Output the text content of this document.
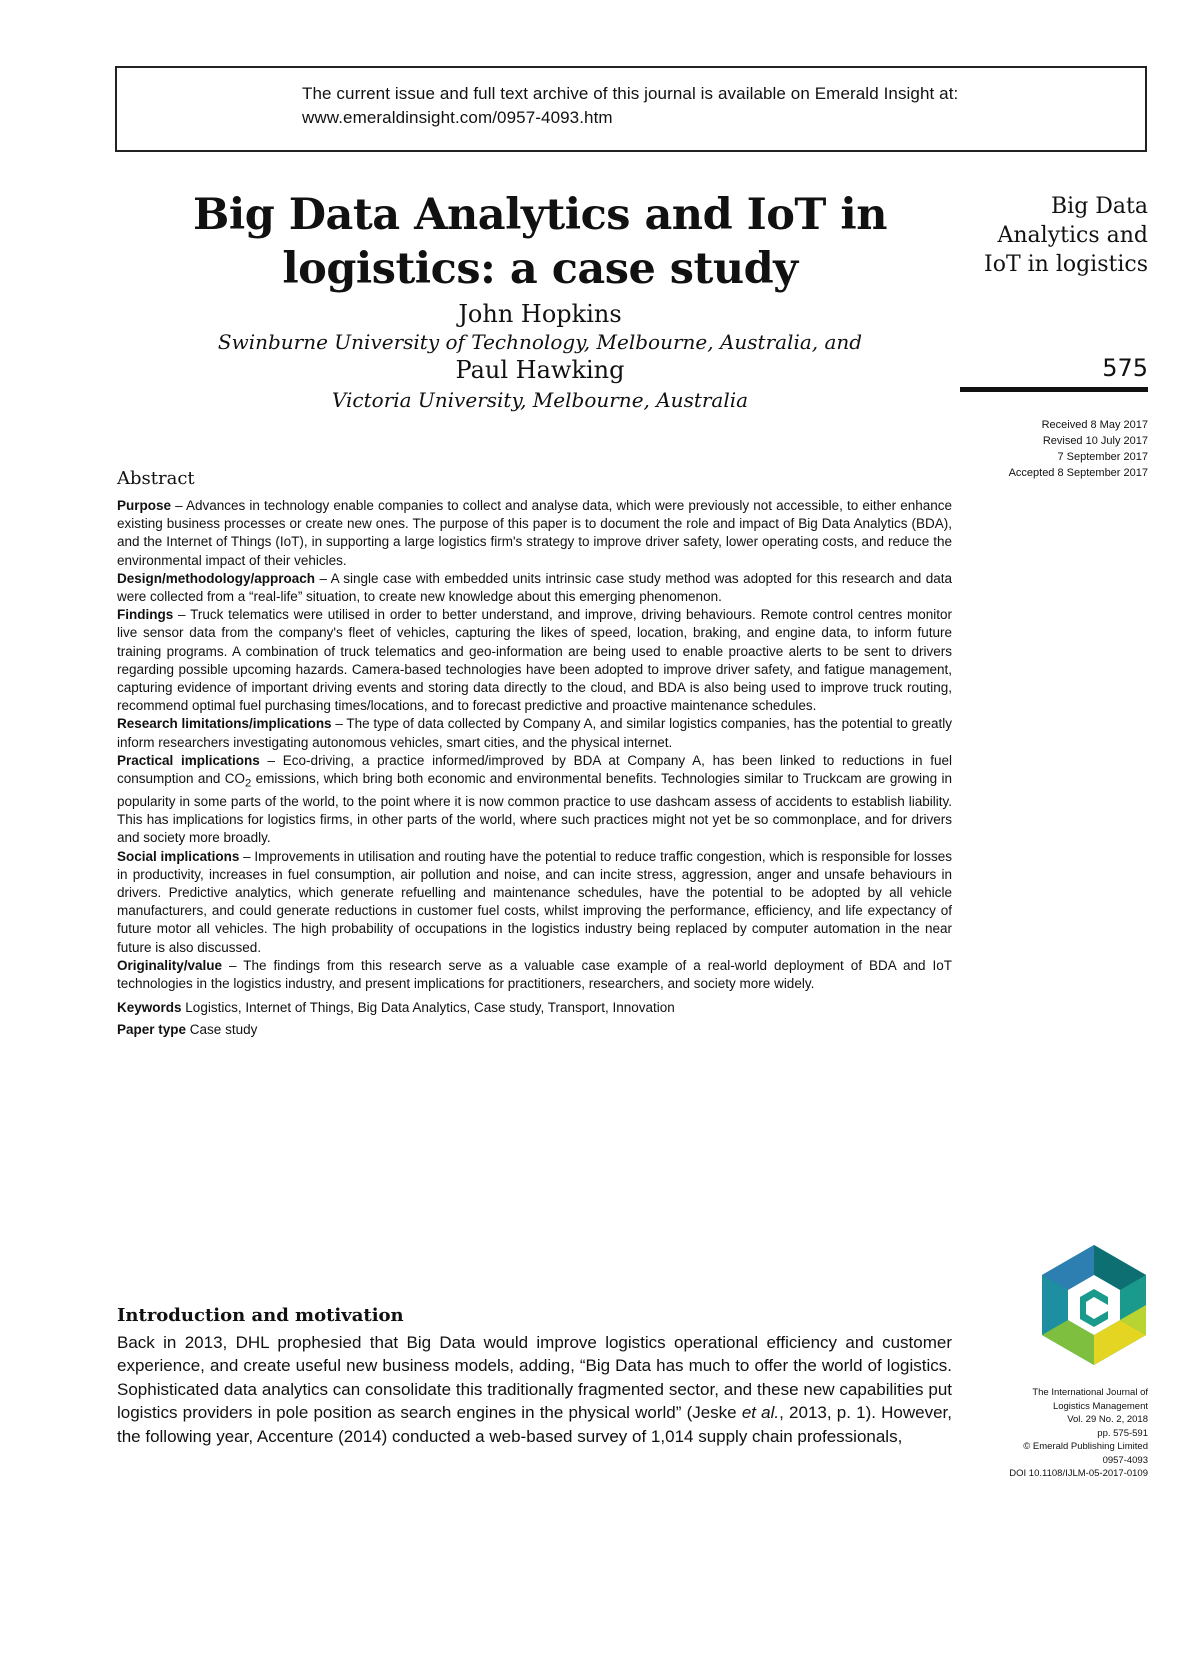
The current issue and full text archive of this journal is available on Emerald Insight at:
www.emeraldinsight.com/0957-4093.htm
Big Data Analytics and IoT in
logistics: a case study
John Hopkins
Swinburne University of Technology, Melbourne, Australia, and
Paul Hawking
Victoria University, Melbourne, Australia
Big Data
Analytics and
IoT in logistics
575
Received 8 May 2017
Revised 10 July 2017
7 September 2017
Accepted 8 September 2017
Abstract

Purpose – Advances in technology enable companies to collect and analyse data, which were previously not accessible, to either enhance existing business processes or create new ones. The purpose of this paper is to document the role and impact of Big Data Analytics (BDA), and the Internet of Things (IoT), in supporting a large logistics firm's strategy to improve driver safety, lower operating costs, and reduce the environmental impact of their vehicles.

Design/methodology/approach – A single case with embedded units intrinsic case study method was adopted for this research and data were collected from a “real-life” situation, to create new knowledge about this emerging phenomenon.

Findings – Truck telematics were utilised in order to better understand, and improve, driving behaviours. Remote control centres monitor live sensor data from the company's fleet of vehicles, capturing the likes of speed, location, braking, and engine data, to inform future training programs. A combination of truck telematics and geo-information are being used to enable proactive alerts to be sent to drivers regarding possible upcoming hazards. Camera-based technologies have been adopted to improve driver safety, and fatigue management, capturing evidence of important driving events and storing data directly to the cloud, and BDA is also being used to improve truck routing, recommend optimal fuel purchasing times/locations, and to forecast predictive and proactive maintenance schedules.

Research limitations/implications – The type of data collected by Company A, and similar logistics companies, has the potential to greatly inform researchers investigating autonomous vehicles, smart cities, and the physical internet.

Practical implications – Eco-driving, a practice informed/improved by BDA at Company A, has been linked to reductions in fuel consumption and $CO_2$ emissions, which bring both economic and environmental benefits. Technologies similar to Truckcam are growing in popularity in some parts of the world, to the point where it is now common practice to use dashcam assess of accidents to establish liability. This has implications for logistics firms, in other parts of the world, where such practices might not yet be so commonplace, and for drivers and society more broadly.

Social implications – Improvements in utilisation and routing have the potential to reduce traffic congestion, which is responsible for losses in productivity, increases in fuel consumption, air pollution and noise, and can incite stress, aggression, anger and unsafe behaviours in drivers. Predictive analytics, which generate refuelling and maintenance schedules, have the potential to be adopted by all vehicle manufacturers, and could generate reductions in customer fuel costs, whilst improving the performance, efficiency, and life expectancy of future motor all vehicles. The high probability of occupations in the logistics industry being replaced by computer automation in the near future is also discussed.

Originality/value – The findings from this research serve as a valuable case example of a real-world deployment of BDA and IoT technologies in the logistics industry, and present implications for practitioners, researchers, and society more widely.

Keywords Logistics, Internet of Things, Big Data Analytics, Case study, Transport, Innovation

Paper type Case study

Introduction and motivation

Back in 2013, DHL prophesied that Big Data would improve logistics operational efficiency and customer experience, and create useful new business models, adding, “Big Data has much to offer the world of logistics. Sophisticated data analytics can consolidate this traditionally fragmented sector, and these new capabilities put logistics providers in pole position as search engines in the physical world” (Jeske et al., 2013, p. 1). However, the following year, Accenture (2014) conducted a web-based survey of 1,014 supply chain professionals,

The International Journal of
Logistics Management
Vol. 29 No. 2, 2018
pp. 575-591
© Emerald Publishing Limited
0957-4093
DOI 10.1108/IJLM-05-2017-0109
